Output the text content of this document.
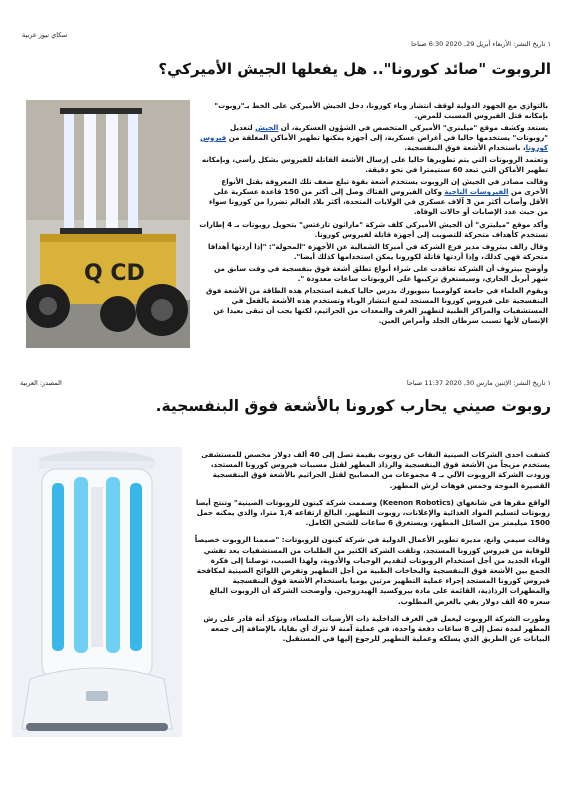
سكاي نيوز عربية
١ تاريخ النشر: الأربعاء أبريل 29, 2020 6:30 صباحا
الروبوت "صائد كورونا".. هل يفعلها الجيش الأميركي؟
Q CD

بالتوازي مع الجهود الدولية لوقف انتشار وباء كورونا، دخل الجيش الأميركي على الخط بـ"روبوت" بإمكانه قتل الفيروس المسبب للمرض.

يستعد وكشف موقع "ميليتري" الأميركي المتخصص في الشؤون العسكرية، أن الجيش لتعديل "روبوتات" يستخدمها حاليا في أغراض عسكرية، إلى أجهزة يمكنها تطهير الأماكن المغلقة من فيروس كورونا، باستخدام الأشعة فوق البنفسجية.

وتعتمد الروبوتات التي يتم تطويرها حاليا على إرسال الأشعة القاتلة للفيروس بشكل رأسي، وبإمكانه تطهير الأماكن التي تبعد 60 سنتيمترا في نحو دقيقة.

وقالت مصادر في الجيش إن الروبوت يستخدم أشعة بقوة تبلغ ضعف تلك المعروفة بقتل الأنواع الأخرى من الفيروسات التاجية وكان الفيروس الفتاك وصل إلى أكثر من 150 قاعدة عسكرية على الأقل وأصاب أكثر من 3 آلاف عسكري في الولايات المتحدة، أكثر بلاد العالم تضررا من كورونا سواء من حيث عدد الإصابات أو حالات الوفاة.

وأكد موقع "ميليتري" أن الجيش الأميركي كلف شركة "ماراثون تارغتس" بتحويل روبوتات بـ 4 إطارات تستخدم كأهداف متحركة للتصويب إلى أجهزة قاتلة لفيروس كورونا.

وقال رالف بيتروف مدير فرع الشركة في أميركا الشمالية عن الأجهزة "المحولة": "إذا أردتها أهدافا متحركة فهي كذلك، وإذا أردتها قاتلة لكورونا يمكن استخدامها كذلك أيضا".

وأوضح بيتروف أن الشركة تعاقدت على شراء أنواع تطلق أشعة فوق بنفسجية في وقت سابق من شهر أبريل الجاري، وسيستغرق تركيبها على الروبوتات ساعات معدودة ".

ويقوم العلماء في جامعة كولومبيا بنيويورك بدرس حاليا كيفية استخدام هذه الطاقة من الأشعة فوق البنفسجية على فيروس كورونا المستجد لمنع انتشار الوباء وتستخدم هذه الأشعة بالفعل في المستشفيات والمراكز الطبية لتطهير الغرف والمعدات من الجراثيم، لكنها يجب أن تبقى بعيدا عن الإنسان لأنها تسبب سرطان الجلد وأمراض العين.

١ تاريخ النشر: الإثنين مارس 30, 2020 11:37 صباحا
المصدر: العربية
روبوت صيني يحارب كورونا بالأشعة فوق البنفسجية.

كشفت احدى الشركات الصينية النقاب عن روبوت بقيمة تصل إلى 40 ألف دولار مخصص للمستشفى يستخدم مزيجاً من الأشعة فوق البنفسجية والرذاذ المطهر لقتل مسببات فيروس كورونا المستجد، وزودت الشركة الروبوت الآلي بـ 4 مجموعات من المصابيح لقتل الجراثيم بالأشعة فوق البنفسجية القصيرة الموجة وخمس فوهات لرش المطهر.

الواقع مقرها في شانغهاي (Keenon Robotics) وصممت شركة كينون للروبوتات الصينية" وتنتج أيضا روبوتات لتسليم المواد الغذائية والإعلانات، روبوت التطهير. البالغ ارتفاعه 1,4 مترا، والذي يمكنه حمل 1500 ميليمتر من السائل المطهر، ويستغرق 6 ساعات للشحن الكامل.

وقالت سيمي وانغ، مديرة تطوير الأعمال الدولية في شركة كينون للروبوتات: "صممنا الروبوت خصيصاً للوقاية من فيروس كورونا المستجد، وتلقت الشركة الكثير من الطلبات من المستشفيات بعد تفشي الوباء الجديد من أجل استخدام الروبوتات لتقديم الوجبات والأدوية، ولهذا السبب، توصلنا إلى فكرة الجمع بين الأشعة فوق البنفسجية والبخاخات الطبية من أجل التطهير وتفرض اللوائح الصينية لمكافحة فيروس كورونا المستجد إجراء عملية التطهير مرتين يوميا باستخدام الأشعة فوق البنفسجية والمطهرات الرذاذية، القائمة على مادة بيروكسيد الهيدروجين. وأوضحت الشركة أن الروبوت البالغ سعره 40 ألف دولار يفي بالغرض المطلوب.

وطورت الشركة الروبوت ليعمل في الغرف الداخلية ذات الأرضيات الملساء، وتؤكد أنه قادر على رش المطهر لمدة تصل إلى 8 ساعات دفعة واحدة، في عملية آمنة لا تترك أي بقايا، بالإضافة إلى جمعه البيانات عن الطريق الذي يسلكه وعملية التطهير للرجوع إليها في المستقبل.
